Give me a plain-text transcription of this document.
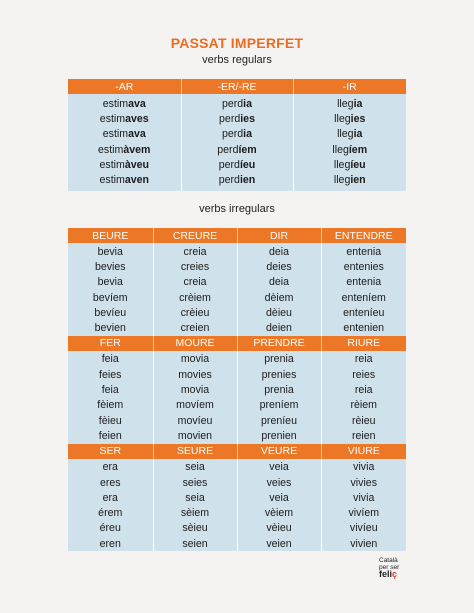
PASSAT IMPERFET
verbs regulars
-AR	-ER/-RE	-IR
estimava	perdia	llegia
estimaves	perdies	llegies
estimava	perdia	llegia
estimàvem	perdíem	llegíem
estimàveu	perdíeu	llegíeu
estimaven	perdien	llegien
verbs irregulars
BEURE	CREURE	DIR	ENTENDRE
bevia	creia	deia	entenia
bevies	creies	deies	entenies
bevia	creia	deia	entenia
bevíem	crèiem	dèiem	enteníem
bevíeu	crèieu	dèieu	enteníeu
bevien	creien	deien	entenien
FER	MOURE	PRENDRE	RIURE
feia	movia	prenia	reia
feies	movies	prenies	reies
feia	movia	prenia	reia
fèiem	movíem	preníem	rèiem
fèieu	movíeu	preníeu	rèieu
feien	movien	prenien	reien
SER	SEURE	VEURE	VIURE
era	seia	veia	vivia
eres	seies	veies	vivies
era	seia	veia	vivia
érem	sèiem	vèiem	vivíem
éreu	sèieu	vèieu	vivíeu
eren	seien	veien	vivien
Català
per ser
feliç
